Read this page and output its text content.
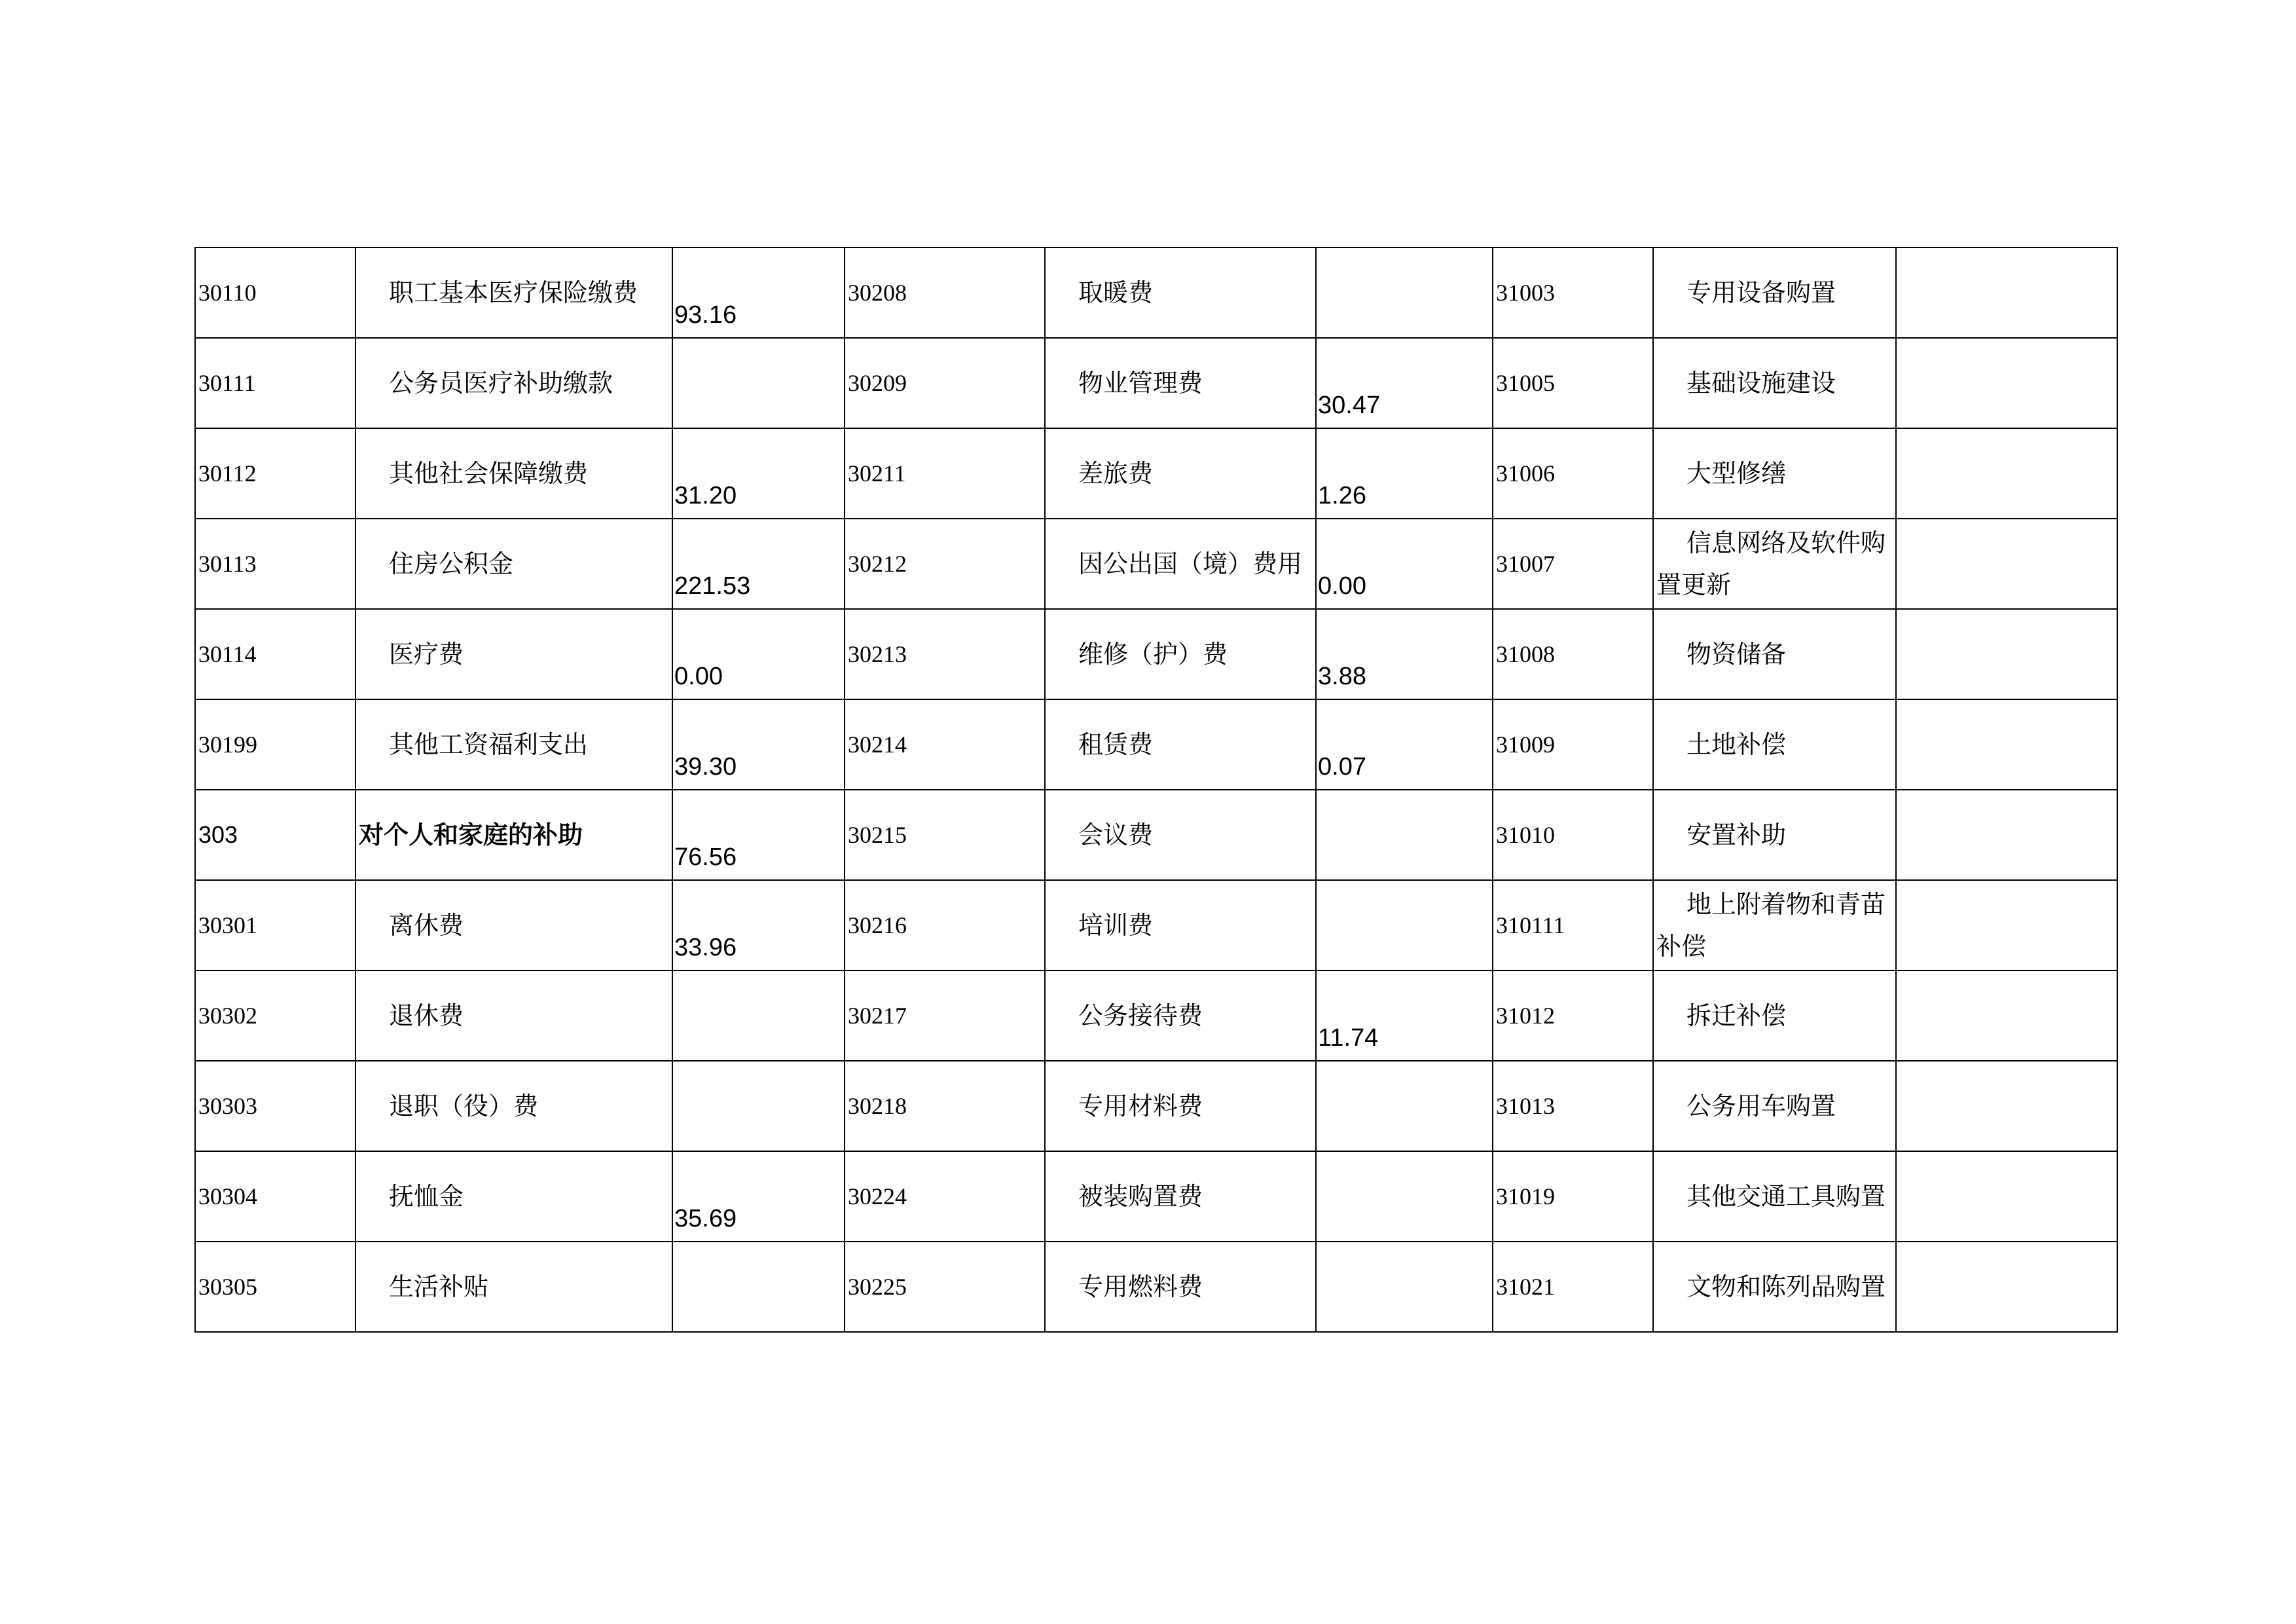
30110	职工基本医疗保险缴费	93.16	30208	取暖费		31003	专用设备购置	

30111	公务员医疗补助缴款		30209	物业管理费	30.47	31005	基础设施建设	

30112	其他社会保障缴费	31.20	30211	差旅费	1.26	31006	大型修缮	

30113	住房公积金	221.53	30212	因公出国（境）费用	0.00	31007	信息网络及软件购置更新	

30114	医疗费	0.00	30213	维修（护）费	3.88	31008	物资储备	

30199	其他工资福利支出	39.30	30214	租赁费	0.07	31009	土地补偿	

303	对个人和家庭的补助	76.56	30215	会议费		31010	安置补助	

30301	离休费	33.96	30216	培训费		310111	地上附着物和青苗补偿	

30302	退休费		30217	公务接待费	11.74	31012	拆迁补偿	

30303	退职（役）费		30218	专用材料费		31013	公务用车购置	

30304	抚恤金	35.69	30224	被装购置费		31019	其他交通工具购置	

30305	生活补贴		30225	专用燃料费		31021	文物和陈列品购置	
